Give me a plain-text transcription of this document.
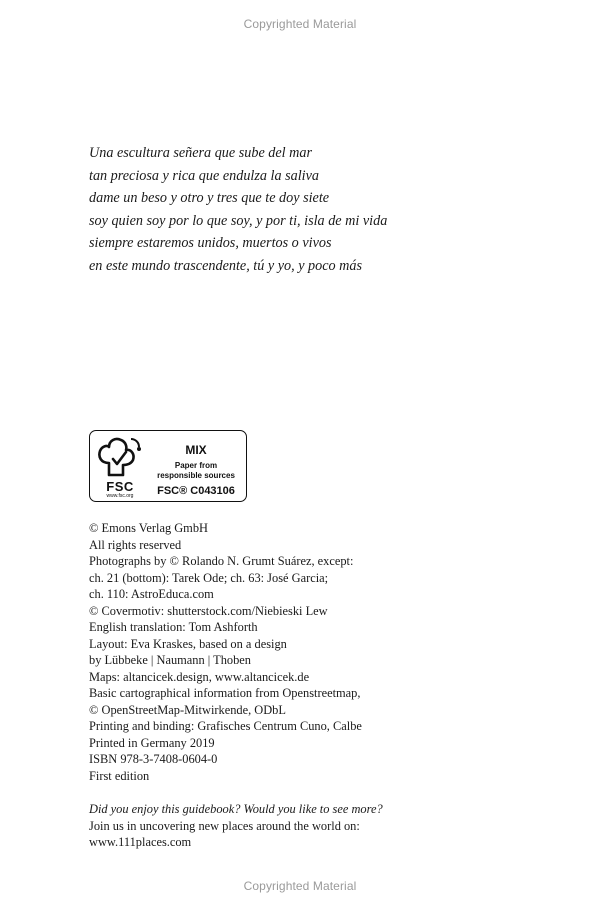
Copyrighted Material
Una escultura señera que sube del mar
tan preciosa y rica que endulza la saliva
dame un beso y otro y tres que te doy siete
soy quien soy por lo que soy, y por ti, isla de mi vida
siempre estaremos unidos, muertos o vivos
en este mundo trascendente, tú y yo, y poco más
FSC
www.fsc.org
MIX
Paper from
responsible sources
FSC® C043106
© Emons Verlag GmbH
All rights reserved
Photographs by © Rolando N. Grumt Suárez, except:
ch. 21 (bottom): Tarek Ode; ch. 63: José Garcia;
ch. 110: AstroEduca.com
© Covermotiv: shutterstock.com/Niebieski Lew
English translation: Tom Ashforth
Layout: Eva Kraskes, based on a design
by Lübbeke | Naumann | Thoben
Maps: altancicek.design, www.altancicek.de
Basic cartographical information from Openstreetmap,
© OpenStreetMap-Mitwirkende, ODbL
Printing and binding: Grafisches Centrum Cuno, Calbe
Printed in Germany 2019
ISBN 978-3-7408-0604-0
First edition
Did you enjoy this guidebook? Would you like to see more?
Join us in uncovering new places around the world on:
www.111places.com
Copyrighted Material
